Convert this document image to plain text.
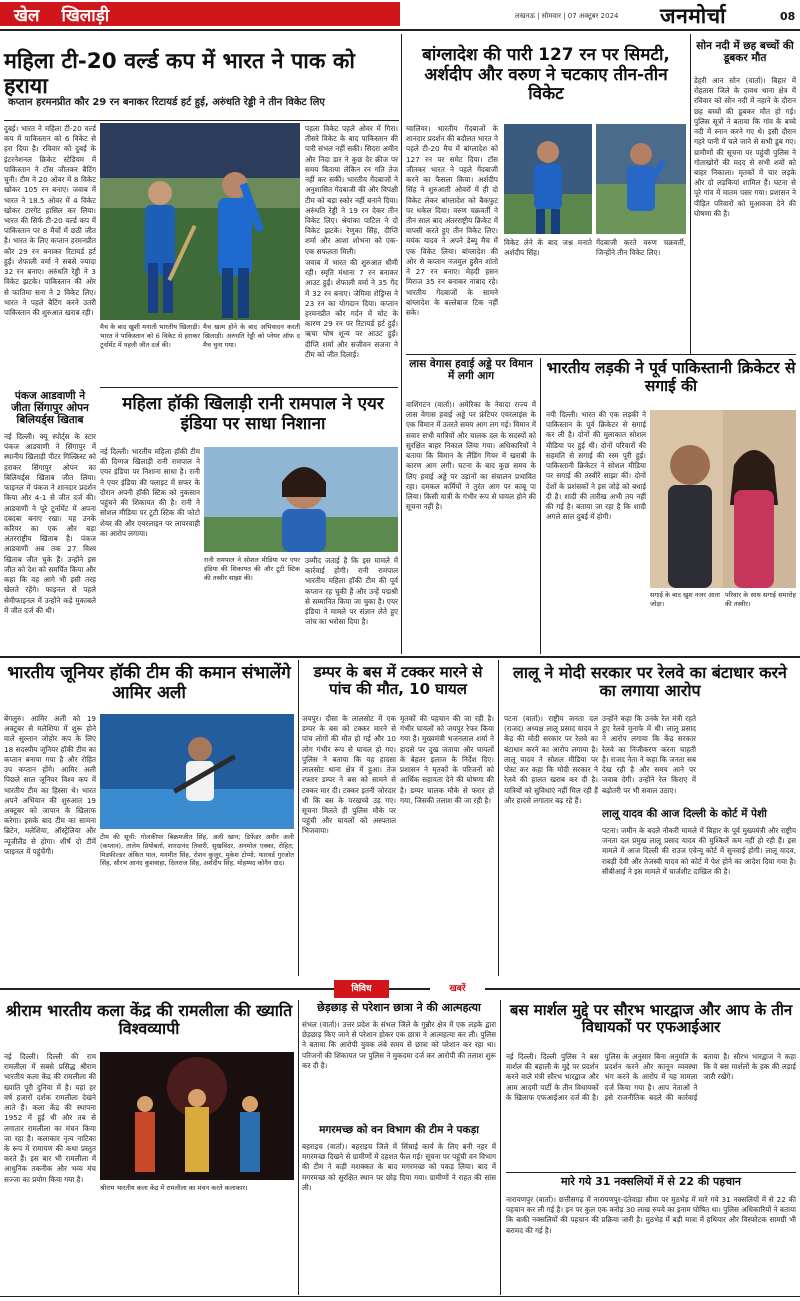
खेल खिलाड़ी	लखनऊ | सोमवार | 07 अक्टूबर 2024 जनमोर्चा	08
महिला टी-20 वर्ल्ड कप में भारत ने पाक को हराया
कप्तान हरमनप्रीत कौर 29 रन बनाकर रिटायर्ड हर्ट हुई, अरुंधति रेड्डी ने तीन विकेट लिए

दुबई। भारत ने महिला टी-20 वर्ल्ड कप में पाकिस्तान को 6 विकेट से हरा दिया है। रविवार को दुबई के इंटरनेशनल क्रिकेट स्टेडियम में पाकिस्तान ने टॉस जीतकर बैटिंग चुनी। टीम ने 20 ओवर में 8 विकेट खोकर 105 रन बनाए। जवाब में भारत ने 18.5 ओवर में 4 विकेट खोकर टारगेट हासिल कर लिया। भारत की सिर्फ टी-20 वर्ल्ड कप में पाकिस्तान पर 8 मैचों में छठी जीत है। भारत के लिए कप्तान हरमनप्रीत कौर 29 रन बनाकर रिटायर्ड हर्ट हुईं। शेफाली वर्मा ने सबसे ज्यादा 32 रन बनाए। अरुंधति रेड्डी ने 3 विकेट झटके। पाकिस्तान की ओर से फातिमा सना ने 2 विकेट लिए। भारत ने पहले बैटिंग करने उतरी पाकिस्तान की शुरुआत खराब रही।

मैच के बाद खुशी मनाती भारतीय खिलाड़ी। भारत ने पाकिस्तान को 6 विकेट से हराकर टूर्नामेंट में पहली जीत दर्ज की।
मैच खत्म होने के बाद अभिवादन करती खिलाड़ी। अरुंधति रेड्डी को प्लेयर ऑफ द मैच चुना गया।

पहला विकेट पहले ओवर में गिरा। तीसरे विकेट के बाद पाकिस्तान की पारी संभल नहीं सकी। सिदरा अमीन और निदा डार ने कुछ देर क्रीज पर समय बिताया लेकिन रन गति तेज नहीं कर सकीं। भारतीय गेंदबाजों ने अनुशासित गेंदबाजी की और विपक्षी टीम को बड़ा स्कोर नहीं बनाने दिया। अरुंधति रेड्डी ने 19 रन देकर तीन विकेट लिए। श्रेयांका पाटिल ने दो विकेट झटके। रेणुका सिंह, दीप्ति शर्मा और आशा शोभना को एक-एक सफलता मिली।

जवाब में भारत की शुरुआत धीमी रही। स्मृति मंधाना 7 रन बनाकर आउट हुईं। शेफाली वर्मा ने 35 गेंद में 32 रन बनाए। जेमिमा रोड्रिग्स ने 23 रन का योगदान दिया। कप्तान हरमनप्रीत कौर गर्दन में चोट के कारण 29 रन पर रिटायर्ड हर्ट हुईं। ऋचा घोष शून्य पर आउट हुईं। दीप्ति शर्मा और सजीवन सजना ने टीम को जीत दिलाई।

पंकज आडवाणी ने जीता सिंगापुर ओपन बिलियर्ड्स खिताब

नई दिल्ली। क्यू स्पोर्ट्स के स्टार पंकज आडवाणी ने सिंगापुर में स्थानीय खिलाड़ी पीटर गिल्क्रिस्ट को हराकर सिंगापुर ओपन का बिलियर्ड्स खिताब जीत लिया। फाइनल में पंकज ने शानदार प्रदर्शन किया और 4-1 से जीत दर्ज की। आडवाणी ने पूरे टूर्नामेंट में अपना दबदबा बनाए रखा। यह उनके करियर का एक और बड़ा अंतरराष्ट्रीय खिताब है। पंकज आडवाणी अब तक 27 विश्व खिताब जीत चुके हैं। उन्होंने इस जीत को देश को समर्पित किया और कहा कि वह आगे भी इसी तरह खेलते रहेंगे। फाइनल से पहले सेमीफाइनल में उन्होंने कड़े मुकाबले में जीत दर्ज की थी।

महिला हॉकी खिलाड़ी रानी रामपाल ने एयर इंडिया पर साधा निशाना

नई दिल्ली। भारतीय महिला हॉकी टीम की दिग्गज खिलाड़ी रानी रामपाल ने एयर इंडिया पर निशाना साधा है। रानी ने एयर इंडिया की फ्लाइट में सफर के दौरान अपनी हॉकी स्टिक को नुकसान पहुंचने की शिकायत की है। रानी ने सोशल मीडिया पर टूटी स्टिक की फोटो शेयर की और एयरलाइन पर लापरवाही का आरोप लगाया।

रानी रामपाल ने सोशल मीडिया पर एयर इंडिया की शिकायत की और टूटी स्टिक की तस्वीर साझा की।

उम्मीद जताई है कि इस मामले में कार्रवाई होगी। रानी रामपाल भारतीय महिला हॉकी टीम की पूर्व कप्तान रह चुकी हैं और उन्हें पद्मश्री से सम्मानित किया जा चुका है। एयर इंडिया ने मामले पर संज्ञान लेते हुए जांच का भरोसा दिया है।

बांग्लादेश की पारी 127 रन पर सिमटी, अर्शदीप और वरुण ने चटकाए तीन-तीन विकेट

ग्वालियर। भारतीय गेंदबाजों के शानदार प्रदर्शन की बदौलत भारत ने पहले टी-20 मैच में बांग्लादेश को 127 रन पर समेट दिया। टॉस जीतकर भारत ने पहले गेंदबाजी करने का फैसला किया। अर्शदीप सिंह ने शुरुआती ओवरों में ही दो विकेट लेकर बांग्लादेश को बैकफुट पर धकेल दिया। वरुण चक्रवर्ती ने तीन साल बाद अंतरराष्ट्रीय क्रिकेट में वापसी करते हुए तीन विकेट लिए। मयंक यादव ने अपने डेब्यू मैच में एक विकेट लिया। बांग्लादेश की ओर से कप्तान नजमुल हुसैन शांतो ने 27 रन बनाए। मेहदी हसन मिराज 35 रन बनाकर नाबाद रहे। भारतीय गेंदबाजों के सामने बांग्लादेश के बल्लेबाज टिक नहीं सके।

विकेट लेने के बाद जश्न मनाते अर्शदीप सिंह।

गेंदबाजी करते वरुण चक्रवर्ती, जिन्होंने तीन विकेट लिए।

सोन नदी में छह बच्चों की डूबकर मौत

डेहरी आन सोन (वार्ता)। बिहार में रोहतास जिले के दावथ थाना क्षेत्र में रविवार को सोन नदी में नहाने के दौरान छह बच्चों की डूबकर मौत हो गई। पुलिस सूत्रों ने बताया कि गांव के बच्चे नदी में स्नान करने गए थे। इसी दौरान गहरे पानी में चले जाने से सभी डूब गए। ग्रामीणों की सूचना पर पहुंची पुलिस ने गोताखोरों की मदद से सभी शवों को बाहर निकाला। मृतकों में चार लड़के और दो लड़कियां शामिल हैं। घटना से पूरे गांव में मातम पसर गया। प्रशासन ने पीड़ित परिवारों को मुआवजा देने की घोषणा की है।

लास वेगास हवाई अड्डे पर विमान में लगी आग

वाशिंगटन (वार्ता)। अमेरिका के नेवादा राज्य में लास वेगास हवाई अड्डे पर फ्रंटियर एयरलाइंस के एक विमान में उतरते समय आग लग गई। विमान में सवार सभी यात्रियों और चालक दल के सदस्यों को सुरक्षित बाहर निकाल लिया गया। अधिकारियों ने बताया कि विमान के लैंडिंग गियर में खराबी के कारण आग लगी। घटना के बाद कुछ समय के लिए हवाई अड्डे पर उड़ानों का संचालन प्रभावित रहा। दमकल कर्मियों ने तुरंत आग पर काबू पा लिया। किसी यात्री के गंभीर रूप से घायल होने की सूचना नहीं है।

भारतीय लड़की ने पूर्व पाकिस्तानी क्रिकेटर से सगाई की

नयी दिल्ली। भारत की एक लड़की ने पाकिस्तान के पूर्व क्रिकेटर से सगाई कर ली है। दोनों की मुलाकात सोशल मीडिया पर हुई थी। दोनों परिवारों की सहमति से सगाई की रस्म पूरी हुई। पाकिस्तानी क्रिकेटर ने सोशल मीडिया पर सगाई की तस्वीरें साझा कीं। दोनों देशों के प्रशंसकों ने इस जोड़े को बधाई दी है। शादी की तारीख अभी तय नहीं की गई है। बताया जा रहा है कि शादी अगले साल दुबई में होगी।

सगाई के बाद खुश नजर आता जोड़ा।
परिवार के साथ सगाई समारोह की तस्वीर।
भारतीय जूनियर हॉकी टीम की कमान संभालेंगे आमिर अली

बेंगलुरु। आमिर अली को 19 अक्टूबर से मलेशिया में शुरू होने वाले सुल्तान जोहोर कप के लिए 18 सदस्यीय जूनियर हॉकी टीम का कप्तान बनाया गया है और रोहित उप कप्तान होंगे। आमिर अली पिछले साल जूनियर विश्व कप में भारतीय टीम का हिस्सा थे। भारत अपने अभियान की शुरुआत 19 अक्टूबर को जापान के खिलाफ करेगा। इसके बाद टीम का सामना ब्रिटेन, मलेशिया, ऑस्ट्रेलिया और न्यूजीलैंड से होगा। शीर्ष दो टीमें फाइनल में पहुंचेंगी।

टीम की सूची: गोलकीपर बिक्रमजीत सिंह, अली खान; डिफेंडर अमीर अली (कप्तान), तालेम प्रियोबर्ता, शारदानंद तिवारी, सुखविंदर, अनमोल एक्का, रोहित; मिडफील्डर अंकित पाल, मनमीत सिंह, रोशन कुजूर, मुकेश टोप्पो; फारवर्ड गुरजोत सिंह, सौरभ आनंद कुशवाहा, दिलराज सिंह, अर्शदीप सिंह, मोहम्मद कोनैन दाद।
डम्पर के बस में टक्कर मारने से पांच की मौत, 10 घायल

जयपुर। दौसा के लालसोट में एक डम्पर के बस को टक्कर मारने से पांच लोगों की मौत हो गई और 10 लोग गंभीर रूप से घायल हो गए। पुलिस ने बताया कि यह हादसा लालसोट थाना क्षेत्र में हुआ। तेज रफ्तार डम्पर ने बस को सामने से टक्कर मार दी। टक्कर इतनी जोरदार थी कि बस के परखच्चे उड़ गए। सूचना मिलते ही पुलिस मौके पर पहुंची और घायलों को अस्पताल भिजवाया।

मृतकों की पहचान की जा रही है। गंभीर घायलों को जयपुर रेफर किया गया है। मुख्यमंत्री भजनलाल शर्मा ने हादसे पर दुख जताया और घायलों के बेहतर इलाज के निर्देश दिए। प्रशासन ने मृतकों के परिजनों को आर्थिक सहायता देने की घोषणा की है। डम्पर चालक मौके से फरार हो गया, जिसकी तलाश की जा रही है।

लालू ने मोदी सरकार पर रेलवे का बंटाधार करने का लगाया आरोप

पटना (वार्ता)। राष्ट्रीय जनता दल (राजद) अध्यक्ष लालू प्रसाद यादव ने केंद्र की मोदी सरकार पर रेलवे का बंटाधार करने का आरोप लगाया है। लालू यादव ने सोशल मीडिया पर पोस्ट कर कहा कि मोदी सरकार ने रेलवे की हालत खराब कर दी है। यात्रियों को सुविधाएं नहीं मिल रही हैं और हादसे लगातार बढ़ रहे हैं।

उन्होंने कहा कि उनके रेल मंत्री रहते हुए रेलवे मुनाफे में थी। लालू प्रसाद ने आरोप लगाया कि केंद्र सरकार रेलवे का निजीकरण करना चाहती है। राजद नेता ने कहा कि जनता सब देख रही है और समय आने पर जवाब देगी। उन्होंने रेल किराए में बढ़ोतरी पर भी सवाल उठाए।

लालू यादव की आज दिल्ली के कोर्ट में पेशी

पटना। जमीन के बदले नौकरी मामले में बिहार के पूर्व मुख्यमंत्री और राष्ट्रीय जनता दल प्रमुख लालू प्रसाद यादव की मुश्किलें कम नहीं हो रही हैं। इस मामले में आज दिल्ली की राउज एवेन्यू कोर्ट में सुनवाई होगी। लालू यादव, राबड़ी देवी और तेजस्वी यादव को कोर्ट में पेश होने का आदेश दिया गया है। सीबीआई ने इस मामले में चार्जशीट दाखिल की है।

विविध	खबरें
श्रीराम भारतीय कला केंद्र की रामलीला की ख्याति विश्वव्यापी

नई दिल्ली। दिल्ली की राम रामलीला में सबसे प्रसिद्ध श्रीराम भारतीय कला केंद्र की रामलीला की ख्याति पूरी दुनिया में है। यहां हर वर्ष हजारों दर्शक रामलीला देखने आते हैं। कला केंद्र की स्थापना 1952 में हुई थी और तब से लगातार रामलीला का मंचन किया जा रहा है। कलाकार नृत्य नाटिका के रूप में रामायण की कथा प्रस्तुत करते हैं। इस बार भी रामलीला में आधुनिक तकनीक और भव्य मंच सज्जा का प्रयोग किया गया है।

श्रीराम भारतीय कला केंद्र में रामलीला का मंचन करते कलाकार।
छेड़छाड़ से परेशान छात्रा ने की आत्महत्या

संभल (वार्ता)। उत्तर प्रदेश के संभल जिले के गुन्नौर क्षेत्र में एक लड़के द्वारा छेड़छाड़ किए जाने से परेशान होकर एक छात्रा ने आत्महत्या कर ली। पुलिस ने बताया कि आरोपी युवक लंबे समय से छात्रा को परेशान कर रहा था। परिजनों की शिकायत पर पुलिस ने मुकदमा दर्ज कर आरोपी की तलाश शुरू कर दी है।

मगरमच्छ को वन विभाग की टीम ने पकड़ा

बहराइच (वार्ता)। बहराइच जिले में सिंचाई कार्य के लिए बनी नहर में मगरमच्छ दिखने से ग्रामीणों में दहशत फैल गई। सूचना पर पहुंची वन विभाग की टीम ने कड़ी मशक्कत के बाद मगरमच्छ को पकड़ लिया। बाद में मगरमच्छ को सुरक्षित स्थान पर छोड़ दिया गया। ग्रामीणों ने राहत की सांस ली।

बस मार्शल मुद्दे पर सौरभ भारद्वाज और आप के तीन विधायकों पर एफआईआर

नई दिल्ली। दिल्ली पुलिस ने बस मार्शल की बहाली के मुद्दे पर प्रदर्शन करने वाले मंत्री सौरभ भारद्वाज और आम आदमी पार्टी के तीन विधायकों के खिलाफ एफआईआर दर्ज की है। पुलिस के अनुसार बिना अनुमति के प्रदर्शन करने और कानून व्यवस्था भंग करने के आरोप में यह मामला दर्ज किया गया है। आप नेताओं ने इसे राजनीतिक बदले की कार्रवाई बताया है। सौरभ भारद्वाज ने कहा कि वे बस मार्शलों के हक की लड़ाई जारी रखेंगे।

मारे गये 31 नक्सलियों में से 22 की पहचान

नारायणपुर (वार्ता)। छत्तीसगढ़ में नारायणपुर-दंतेवाड़ा सीमा पर मुठभेड़ में मारे गये 31 नक्सलियों में से 22 की पहचान कर ली गई है। इन पर कुल एक करोड़ 30 लाख रुपये का इनाम घोषित था। पुलिस अधिकारियों ने बताया कि बाकी नक्सलियों की पहचान की प्रक्रिया जारी है। मुठभेड़ में बड़ी मात्रा में हथियार और विस्फोटक सामग्री भी बरामद की गई है।
